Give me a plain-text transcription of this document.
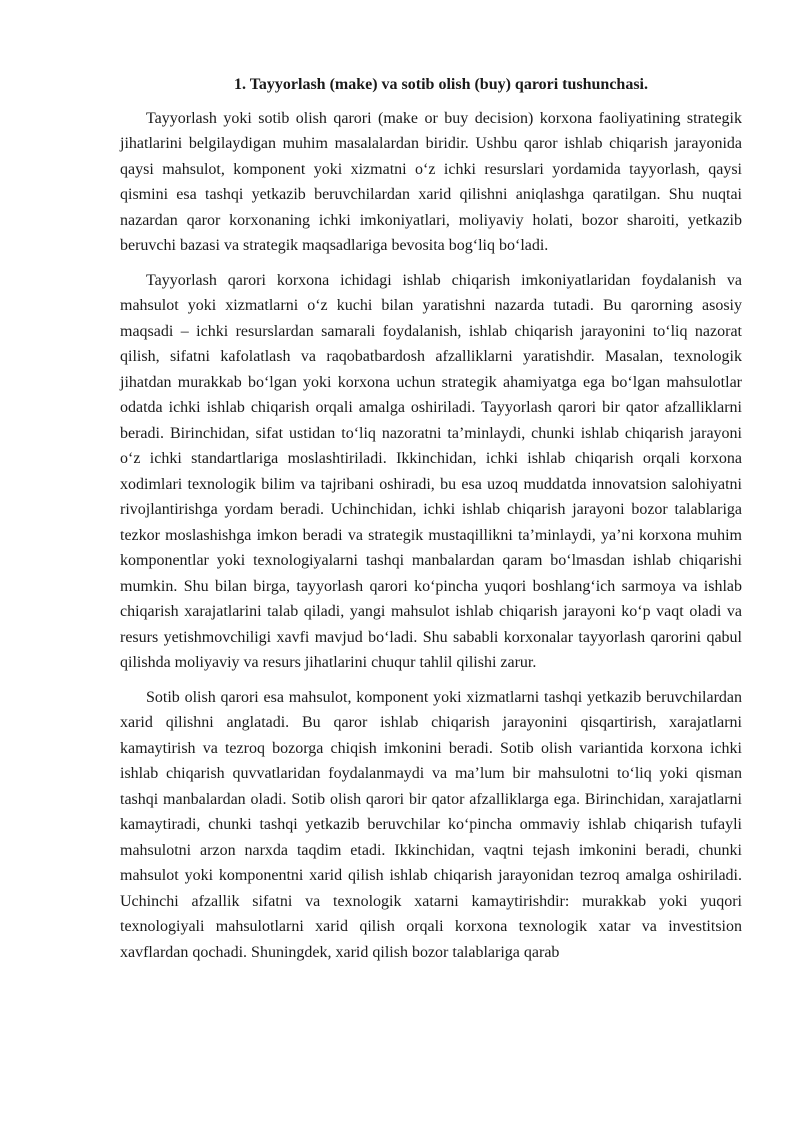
1. Tayyorlash (make) va sotib olish (buy) qarori tushunchasi.

Tayyorlash yoki sotib olish qarori (make or buy decision) korxona faoliyatining strategik jihatlarini belgilaydigan muhim masalalardan biridir. Ushbu qaror ishlab chiqarish jarayonida qaysi mahsulot, komponent yoki xizmatni o‘z ichki resurslari yordamida tayyorlash, qaysi qismini esa tashqi yetkazib beruvchilardan xarid qilishni aniqlashga qaratilgan. Shu nuqtai nazardan qaror korxonaning ichki imkoniyatlari, moliyaviy holati, bozor sharoiti, yetkazib beruvchi bazasi va strategik maqsadlariga bevosita bog‘liq bo‘ladi.

Tayyorlash qarori korxona ichidagi ishlab chiqarish imkoniyatlaridan foydalanish va mahsulot yoki xizmatlarni o‘z kuchi bilan yaratishni nazarda tutadi. Bu qarorning asosiy maqsadi – ichki resurslardan samarali foydalanish, ishlab chiqarish jarayonini to‘liq nazorat qilish, sifatni kafolatlash va raqobatbardosh afzalliklarni yaratishdir. Masalan, texnologik jihatdan murakkab bo‘lgan yoki korxona uchun strategik ahamiyatga ega bo‘lgan mahsulotlar odatda ichki ishlab chiqarish orqali amalga oshiriladi. Tayyorlash qarori bir qator afzalliklarni beradi. Birinchidan, sifat ustidan to‘liq nazoratni ta’minlaydi, chunki ishlab chiqarish jarayoni o‘z ichki standartlariga moslashtiriladi. Ikkinchidan, ichki ishlab chiqarish orqali korxona xodimlari texnologik bilim va tajribani oshiradi, bu esa uzoq muddatda innovatsion salohiyatni rivojlantirishga yordam beradi. Uchinchidan, ichki ishlab chiqarish jarayoni bozor talablariga tezkor moslashishga imkon beradi va strategik mustaqillikni ta’minlaydi, ya’ni korxona muhim komponentlar yoki texnologiyalarni tashqi manbalardan qaram bo‘lmasdan ishlab chiqarishi mumkin. Shu bilan birga, tayyorlash qarori ko‘pincha yuqori boshlang‘ich sarmoya va ishlab chiqarish xarajatlarini talab qiladi, yangi mahsulot ishlab chiqarish jarayoni ko‘p vaqt oladi va resurs yetishmovchiligi xavfi mavjud bo‘ladi. Shu sababli korxonalar tayyorlash qarorini qabul qilishda moliyaviy va resurs jihatlarini chuqur tahlil qilishi zarur.

Sotib olish qarori esa mahsulot, komponent yoki xizmatlarni tashqi yetkazib beruvchilardan xarid qilishni anglatadi. Bu qaror ishlab chiqarish jarayonini qisqartirish, xarajatlarni kamaytirish va tezroq bozorga chiqish imkonini beradi. Sotib olish variantida korxona ichki ishlab chiqarish quvvatlaridan foydalanmaydi va ma’lum bir mahsulotni to‘liq yoki qisman tashqi manbalardan oladi. Sotib olish qarori bir qator afzalliklarga ega. Birinchidan, xarajatlarni kamaytiradi, chunki tashqi yetkazib beruvchilar ko‘pincha ommaviy ishlab chiqarish tufayli mahsulotni arzon narxda taqdim etadi. Ikkinchidan, vaqtni tejash imkonini beradi, chunki mahsulot yoki komponentni xarid qilish ishlab chiqarish jarayonidan tezroq amalga oshiriladi. Uchinchi afzallik sifatni va texnologik xatarni kamaytirishdir: murakkab yoki yuqori texnologiyali mahsulotlarni xarid qilish orqali korxona texnologik xatar va investitsion xavflardan qochadi. Shuningdek, xarid qilish bozor talablariga qarab
